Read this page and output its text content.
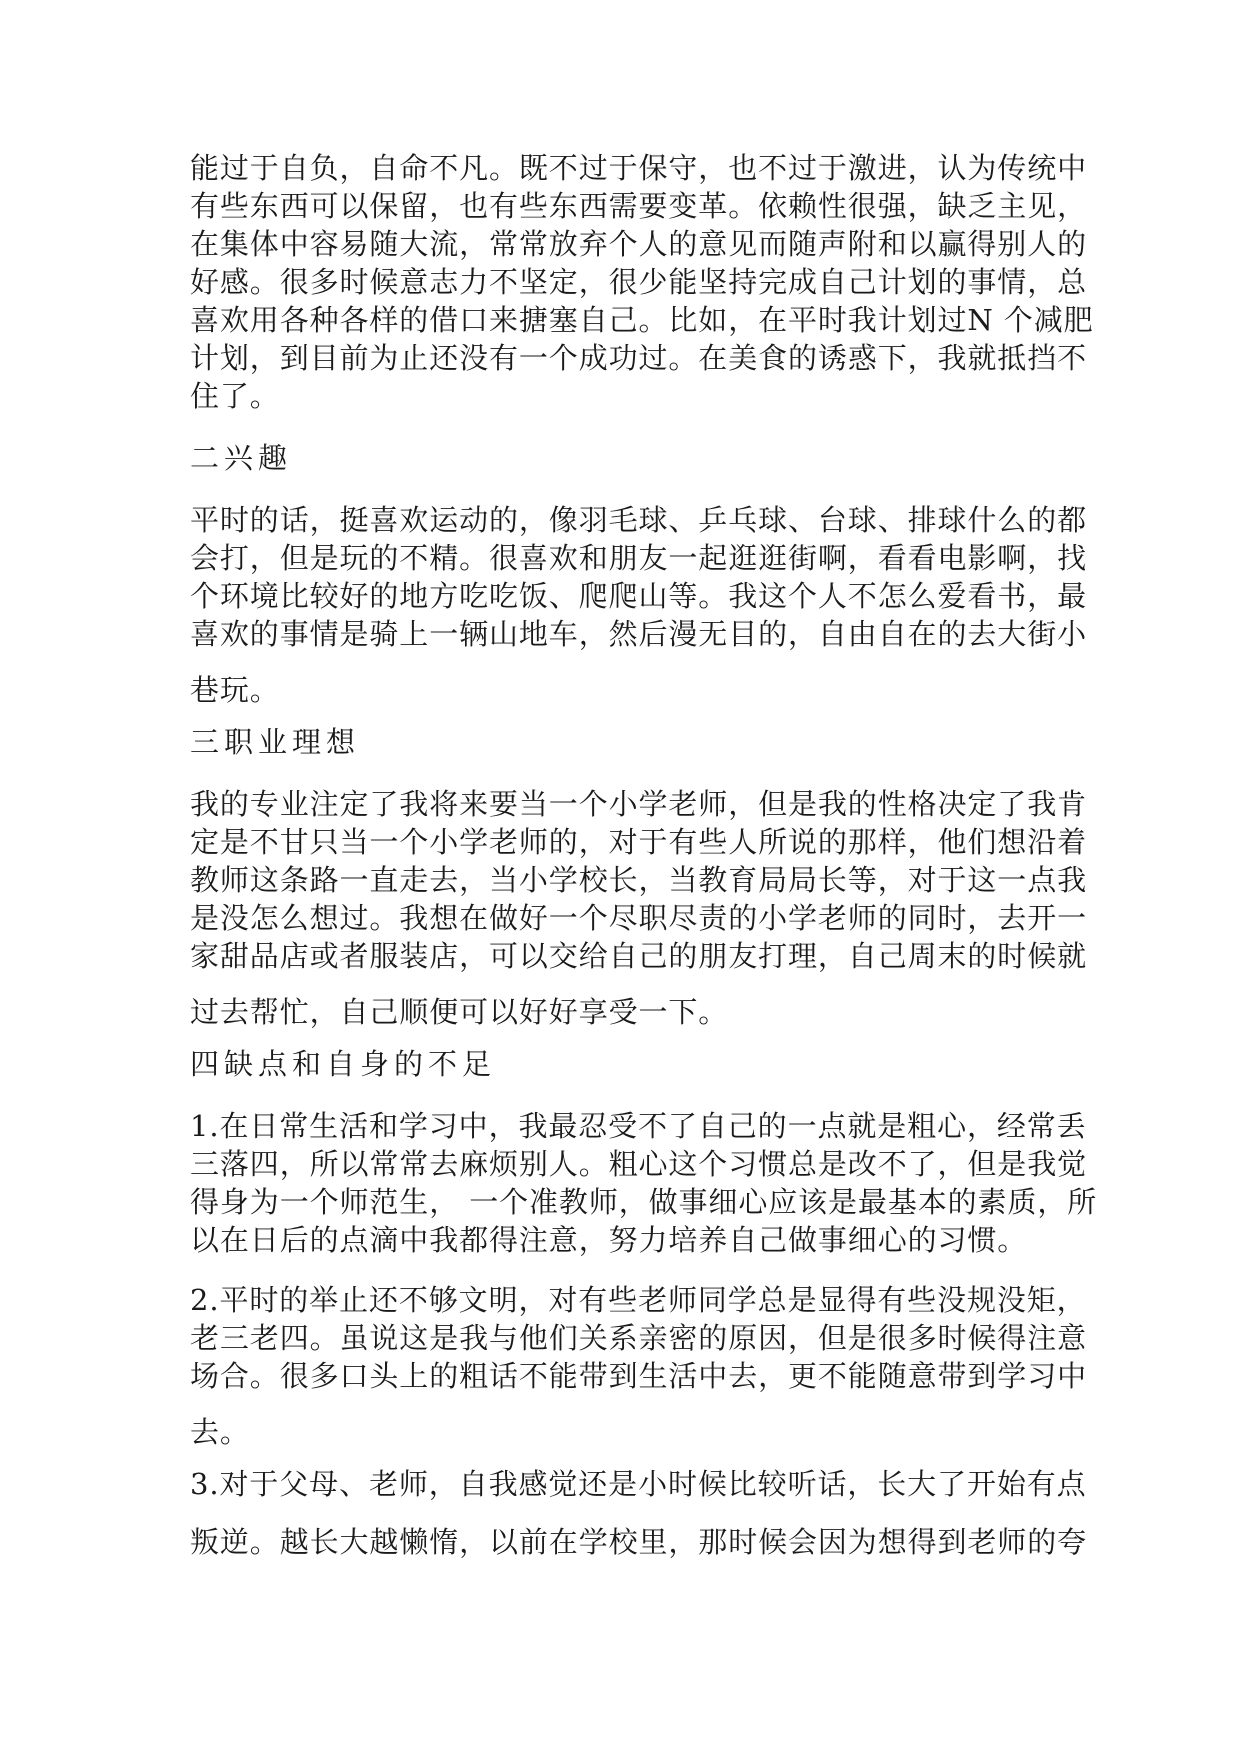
能过于自负，自命不凡。既不过于保守，也不过于激进，认为传统中
有些东西可以保留，也有些东西需要变革。依赖性很强，缺乏主见，
在集体中容易随大流，常常放弃个人的意见而随声附和以赢得别人的
好感。很多时候意志力不坚定，很少能坚持完成自己计划的事情，总
喜欢用各种各样的借口来搪塞自己。比如，在平时我计划过N 个减肥
计划，到目前为止还没有一个成功过。在美食的诱惑下，我就抵挡不
住了。
二兴趣
平时的话，挺喜欢运动的，像羽毛球、乒乓球、台球、排球什么的都
会打，但是玩的不精。很喜欢和朋友一起逛逛街啊，看看电影啊，找
个环境比较好的地方吃吃饭、爬爬山等。我这个人不怎么爱看书，最
喜欢的事情是骑上一辆山地车，然后漫无目的，自由自在的去大街小
巷玩。
三职业理想
我的专业注定了我将来要当一个小学老师，但是我的性格决定了我肯
定是不甘只当一个小学老师的，对于有些人所说的那样，他们想沿着
教师这条路一直走去，当小学校长，当教育局局长等，对于这一点我
是没怎么想过。我想在做好一个尽职尽责的小学老师的同时，去开一
家甜品店或者服装店，可以交给自己的朋友打理，自己周末的时候就
过去帮忙，自己顺便可以好好享受一下。
四缺点和自身的不足
1.在日常生活和学习中，我最忍受不了自己的一点就是粗心，经常丢
三落四，所以常常去麻烦别人。粗心这个习惯总是改不了，但是我觉
得身为一个师范生， 一个准教师，做事细心应该是最基本的素质，所
以在日后的点滴中我都得注意，努力培养自己做事细心的习惯。
2.平时的举止还不够文明，对有些老师同学总是显得有些没规没矩，
老三老四。虽说这是我与他们关系亲密的原因，但是很多时候得注意
场合。很多口头上的粗话不能带到生活中去，更不能随意带到学习中
去。
3.对于父母、老师，自我感觉还是小时候比较听话，长大了开始有点
叛逆。越长大越懒惰，以前在学校里，那时候会因为想得到老师的夸
